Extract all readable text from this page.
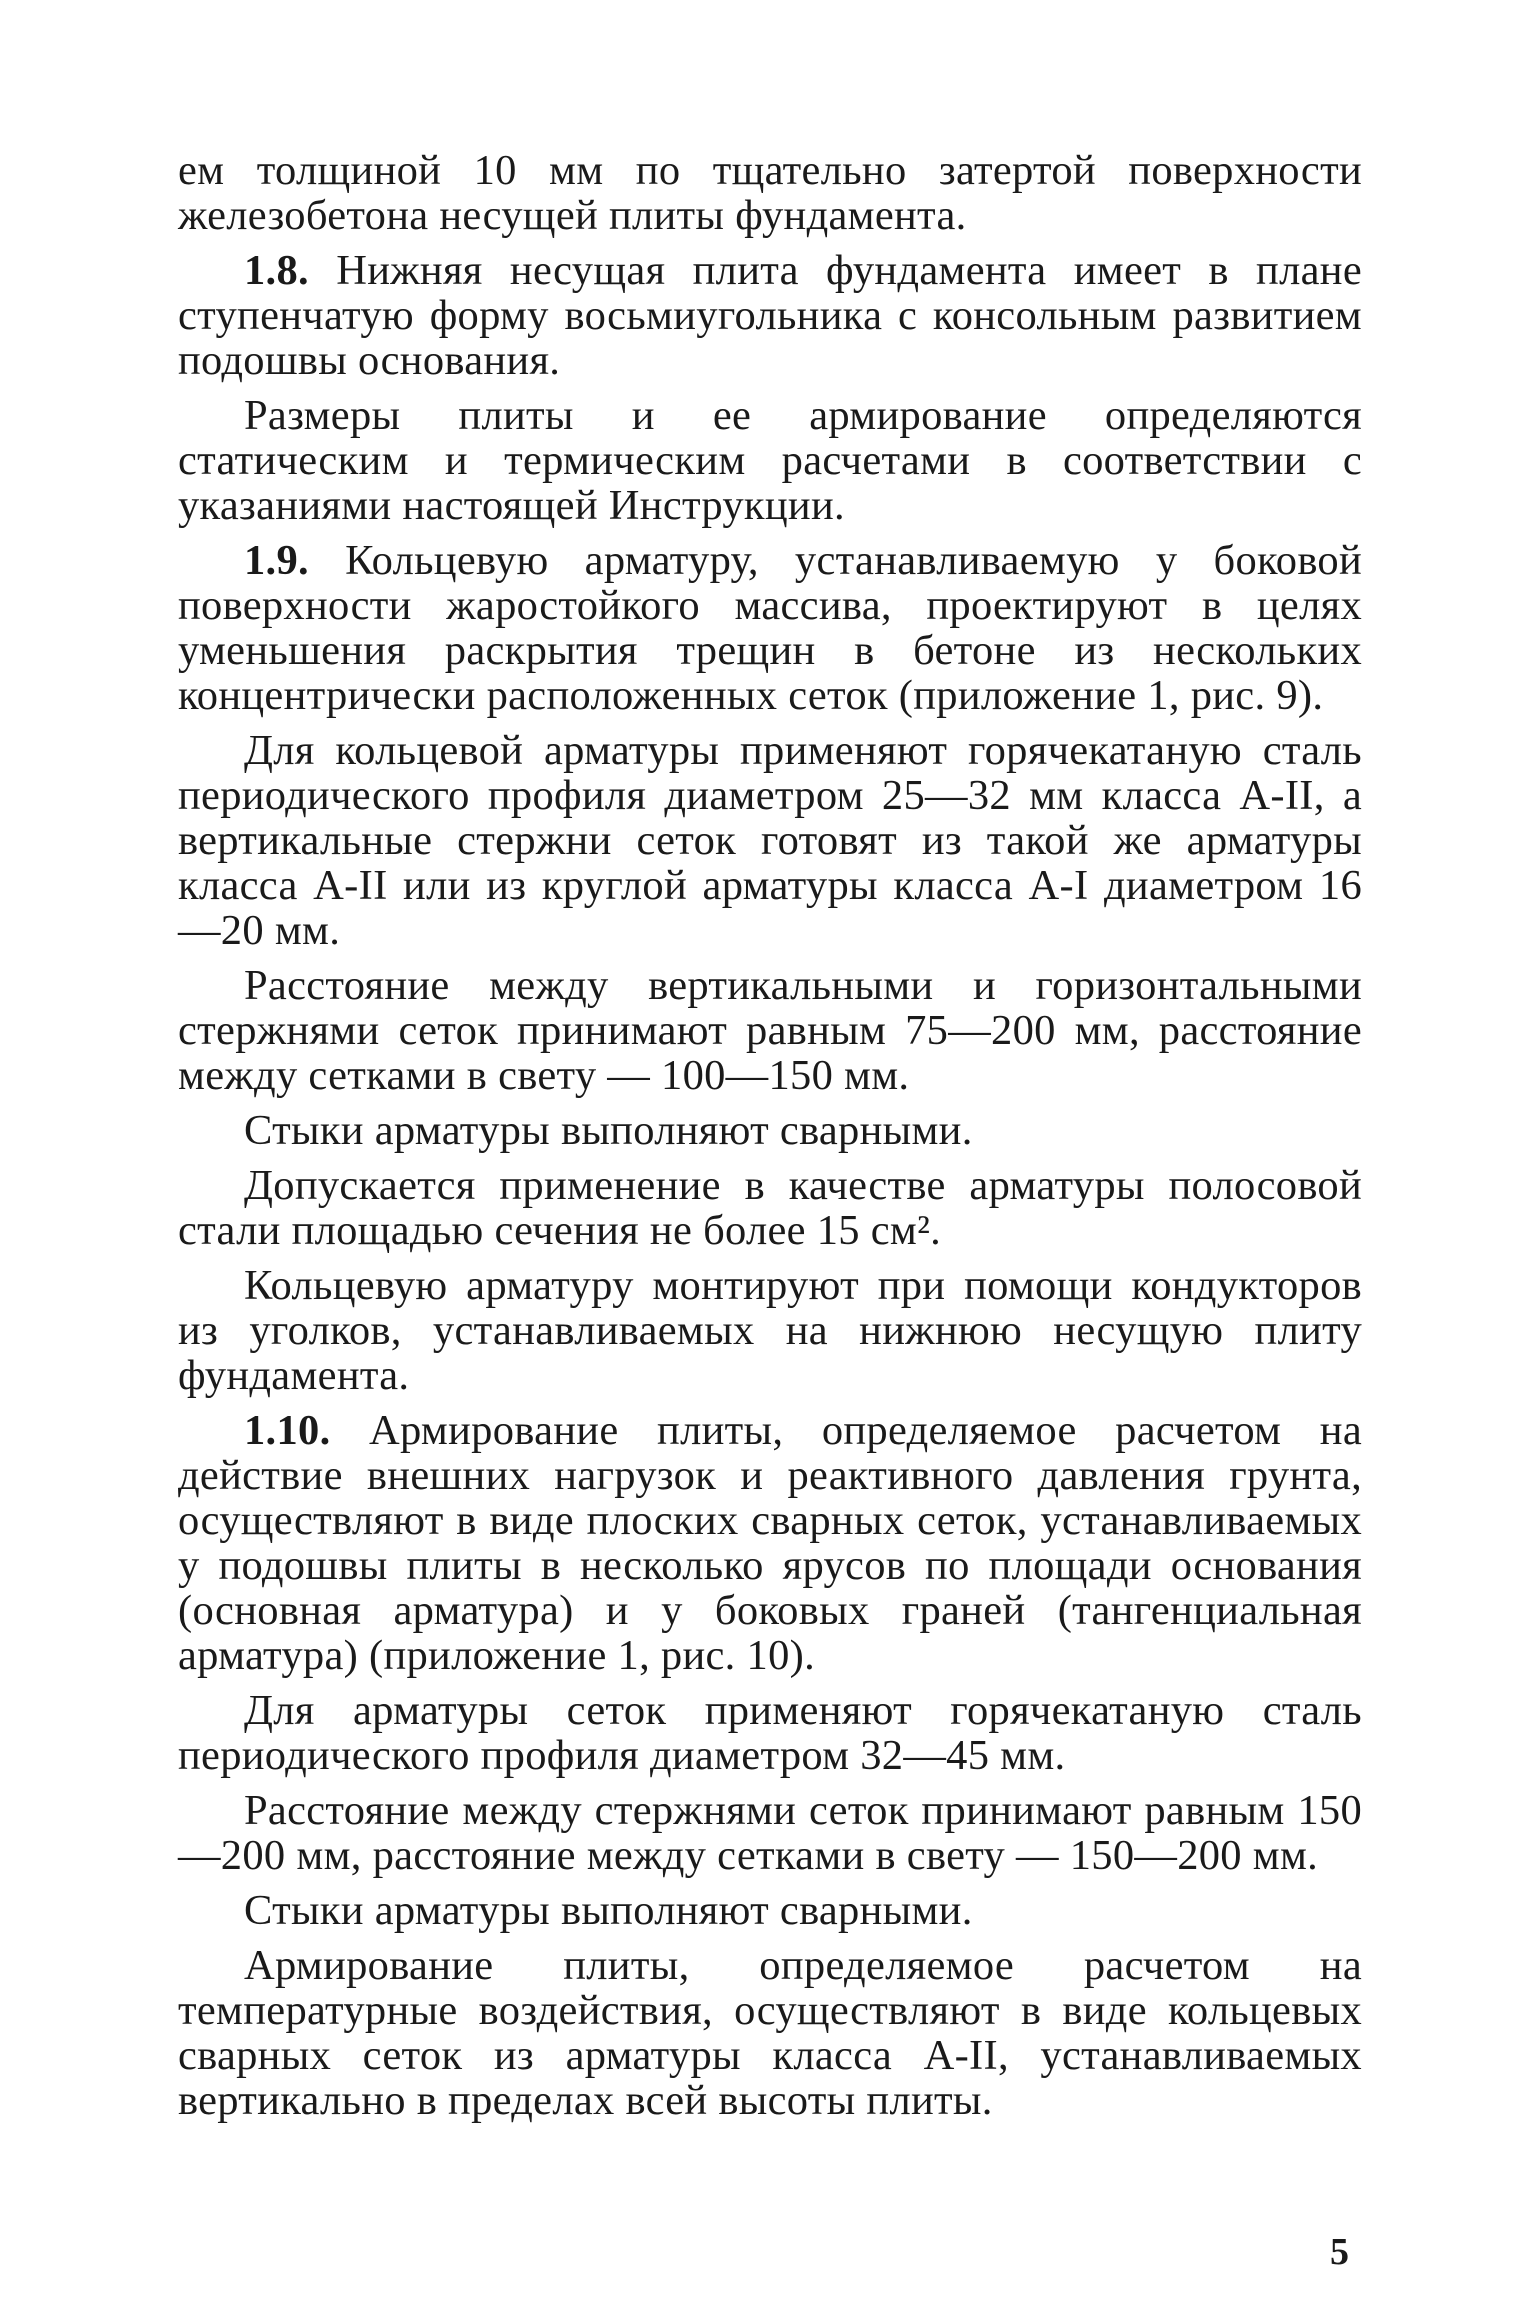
ем толщиной 10 мм по тщательно затертой поверхности железобетона несущей плиты фундамента.

1.8. Нижняя несущая плита фундамента имеет в плане ступенчатую форму восьмиугольника с консольным развитием подошвы основания.

Размеры плиты и ее армирование определяются статическим и термическим расчетами в соответствии с указаниями настоящей Инструкции.

1.9. Кольцевую арматуру, устанавливаемую у боковой поверхности жаростойкого массива, проектируют в целях уменьшения раскрытия трещин в бетоне из нескольких концентрически расположенных сеток (приложение 1, рис. 9).

Для кольцевой арматуры применяют горячекатаную сталь периодического профиля диаметром 25—32 мм класса A-II, а вертикальные стержни сеток готовят из такой же арматуры класса A-II или из круглой арматуры класса A-I диаметром 16—20 мм.

Расстояние между вертикальными и горизонтальными стержнями сеток принимают равным 75—200 мм, расстояние между сетками в свету — 100—150 мм.

Стыки арматуры выполняют сварными.

Допускается применение в качестве арматуры полосовой стали площадью сечения не более 15 см².

Кольцевую арматуру монтируют при помощи кондукторов из уголков, устанавливаемых на нижнюю несущую плиту фундамента.

1.10. Армирование плиты, определяемое расчетом на действие внешних нагрузок и реактивного давления грунта, осуществляют в виде плоских сварных сеток, устанавливаемых у подошвы плиты в несколько ярусов по площади основания (основная арматура) и у боковых граней (тангенциальная арматура) (приложение 1, рис. 10).

Для арматуры сеток применяют горячекатаную сталь периодического профиля диаметром 32—45 мм.

Расстояние между стержнями сеток принимают равным 150—200 мм, расстояние между сетками в свету — 150—200 мм.

Стыки арматуры выполняют сварными.

Армирование плиты, определяемое расчетом на температурные воздействия, осуществляют в виде кольцевых сварных сеток из арматуры класса A-II, устанавливаемых вертикально в пределах всей высоты плиты.

5
